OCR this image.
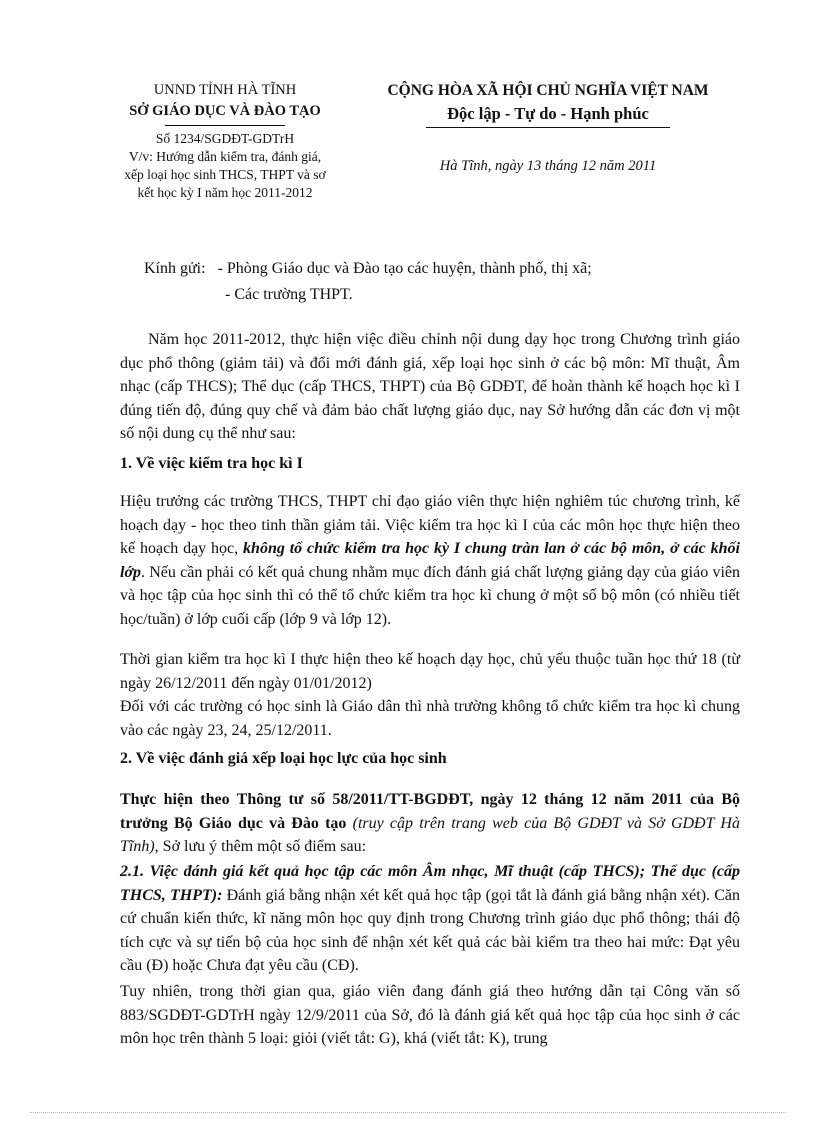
UNND TỈNH HÀ TĨNH
SỞ GIÁO DỤC VÀ ĐÀO TẠO
Số 1234/SGDĐT-GDTrH
V/v: Hướng dẫn kiểm tra, đánh giá,
xếp loại học sinh THCS, THPT và sơ
kết học kỳ I năm học 2011-2012
CỘNG HÒA XÃ HỘI CHỦ NGHĨA VIỆT NAM
Độc lập - Tự do - Hạnh phúc
Hà Tĩnh, ngày 13 tháng 12 năm 2011
Kính gửi: - Phòng Giáo dục và Đào tạo các huyện, thành phố, thị xã;
- Các trường THPT.
Năm học 2011-2012, thực hiện việc điều chỉnh nội dung dạy học trong Chương trình giáo dục phổ thông (giảm tải) và đổi mới đánh giá, xếp loại học sinh ở các bộ môn: Mĩ thuật, Âm nhạc (cấp THCS); Thể dục (cấp THCS, THPT) của Bộ GDĐT, để hoàn thành kế hoạch học kì I đúng tiến độ, đúng quy chế và đảm bảo chất lượng giáo dục, nay Sở hướng dẫn các đơn vị một số nội dung cụ thể như sau:
1. Về việc kiểm tra học kì I
Hiệu trưởng các trường THCS, THPT chỉ đạo giáo viên thực hiện nghiêm túc chương trình, kế hoạch dạy - học theo tinh thần giảm tải. Việc kiểm tra học kì I của các môn học thực hiện theo kế hoạch dạy học, không tổ chức kiểm tra học kỳ I chung tràn lan ở các bộ môn, ở các khối lớp. Nếu cần phải có kết quả chung nhằm mục đích đánh giá chất lượng giảng dạy của giáo viên và học tập của học sinh thì có thể tổ chức kiểm tra học kì chung ở một số bộ môn (có nhiều tiết học/tuần) ở lớp cuối cấp (lớp 9 và lớp 12).
Thời gian kiểm tra học kì I thực hiện theo kế hoạch dạy học, chủ yếu thuộc tuần học thứ 18 (từ ngày 26/12/2011 đến ngày 01/01/2012)
Đối với các trường có học sinh là Giáo dân thì nhà trường không tổ chức kiểm tra học kì chung vào các ngày 23, 24, 25/12/2011.
2. Về việc đánh giá xếp loại học lực của học sinh
Thực hiện theo Thông tư số 58/2011/TT-BGDĐT, ngày 12 tháng 12 năm 2011 của Bộ trưởng Bộ Giáo dục và Đào tạo (truy cập trên trang web của Bộ GDĐT và Sở GDĐT Hà Tĩnh), Sở lưu ý thêm một số điểm sau:
2.1. Việc đánh giá kết quả học tập các môn Âm nhạc, Mĩ thuật (cấp THCS); Thể dục (cấp THCS, THPT): Đánh giá bằng nhận xét kết quả học tập (gọi tắt là đánh giá bằng nhận xét). Căn cứ chuẩn kiến thức, kĩ năng môn học quy định trong Chương trình giáo dục phổ thông; thái độ tích cực và sự tiến bộ của học sinh để nhận xét kết quả các bài kiểm tra theo hai mức: Đạt yêu cầu (Đ) hoặc Chưa đạt yêu cầu (CĐ).
Tuy nhiên, trong thời gian qua, giáo viên đang đánh giá theo hướng dẫn tại Công văn số 883/SGDĐT-GDTrH ngày 12/9/2011 của Sở, đó là đánh giá kết quả học tập của học sinh ở các môn học trên thành 5 loại: giỏi (viết tắt: G), khá (viết tắt: K), trung
